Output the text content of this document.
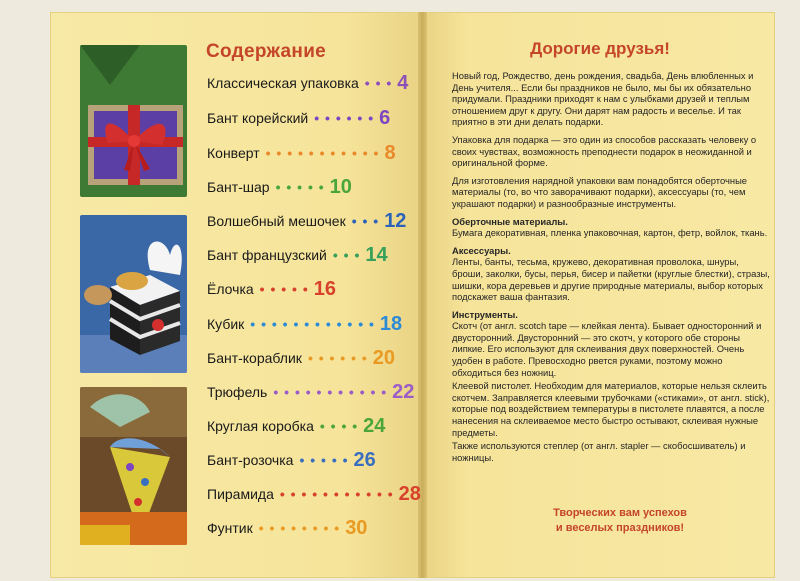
Содержание
Классическая упаковка • • • 4
Бант корейский • • • • • • 6
Конверт • • • • • • • • • • • 8
Бант-шар • • • • • 10
Волшебный мешочек • • • 12
Бант французский • • • 14
Ёлочка • • • • • 16
Кубик • • • • • • • • • • • • 18
Бант-кораблик • • • • • • 20
Трюфель • • • • • • • • • • • 22
Круглая коробка • • • • 24
Бант-розочка • • • • • 26
Пирамида • • • • • • • • • • • 28
Фунтик • • • • • • • • 30
Дорогие друзья!

Новый год, Рождество, день рождения, свадьба, День влюбленных и День учителя... Если бы праздников не было, мы бы их обязательно придумали. Праздники приходят к нам с улыбками друзей и теплым отношением друг к другу. Они дарят нам радость и веселье. И так приятно в эти дни делать подарки.

Упаковка для подарка — это один из способов рассказать человеку о своих чувствах, возможность преподнести подарок в неожиданной и оригинальной форме.

Для изготовления нарядной упаковки вам понадобятся оберточные материалы (то, во что заворачивают подарки), аксессуары (то, чем украшают подарки) и разнообразные инструменты.

Оберточные материалы.

Бумага декоративная, пленка упаковочная, картон, фетр, войлок, ткань.

Аксессуары.

Ленты, банты, тесьма, кружево, декоративная проволока, шнуры, броши, заколки, бусы, перья, бисер и пайетки (круглые блестки), стразы, шишки, кора деревьев и другие природные материалы, выбор которых подскажет ваша фантазия.

Инструменты.

Скотч (от англ. scotch tape — клейкая лента). Бывает односторонний и двусторонний. Двусторонний — это скотч, у которого обе стороны липкие. Его используют для склеивания двух поверхностей. Очень удобен в работе. Превосходно рвется руками, поэтому можно обходиться без ножниц.

Клеевой пистолет. Необходим для материалов, которые нельзя склеить скотчем. Заправляется клеевыми трубочками («стиками», от англ. stick), которые под воздействием температуры в пистолете плавятся, а после нанесения на склеиваемое место быстро остывают, склеивая нужные предметы.

Также используются степлер (от англ. stapler — скобосшиватель) и ножницы.

Творческих вам успехов
и веселых праздников!
